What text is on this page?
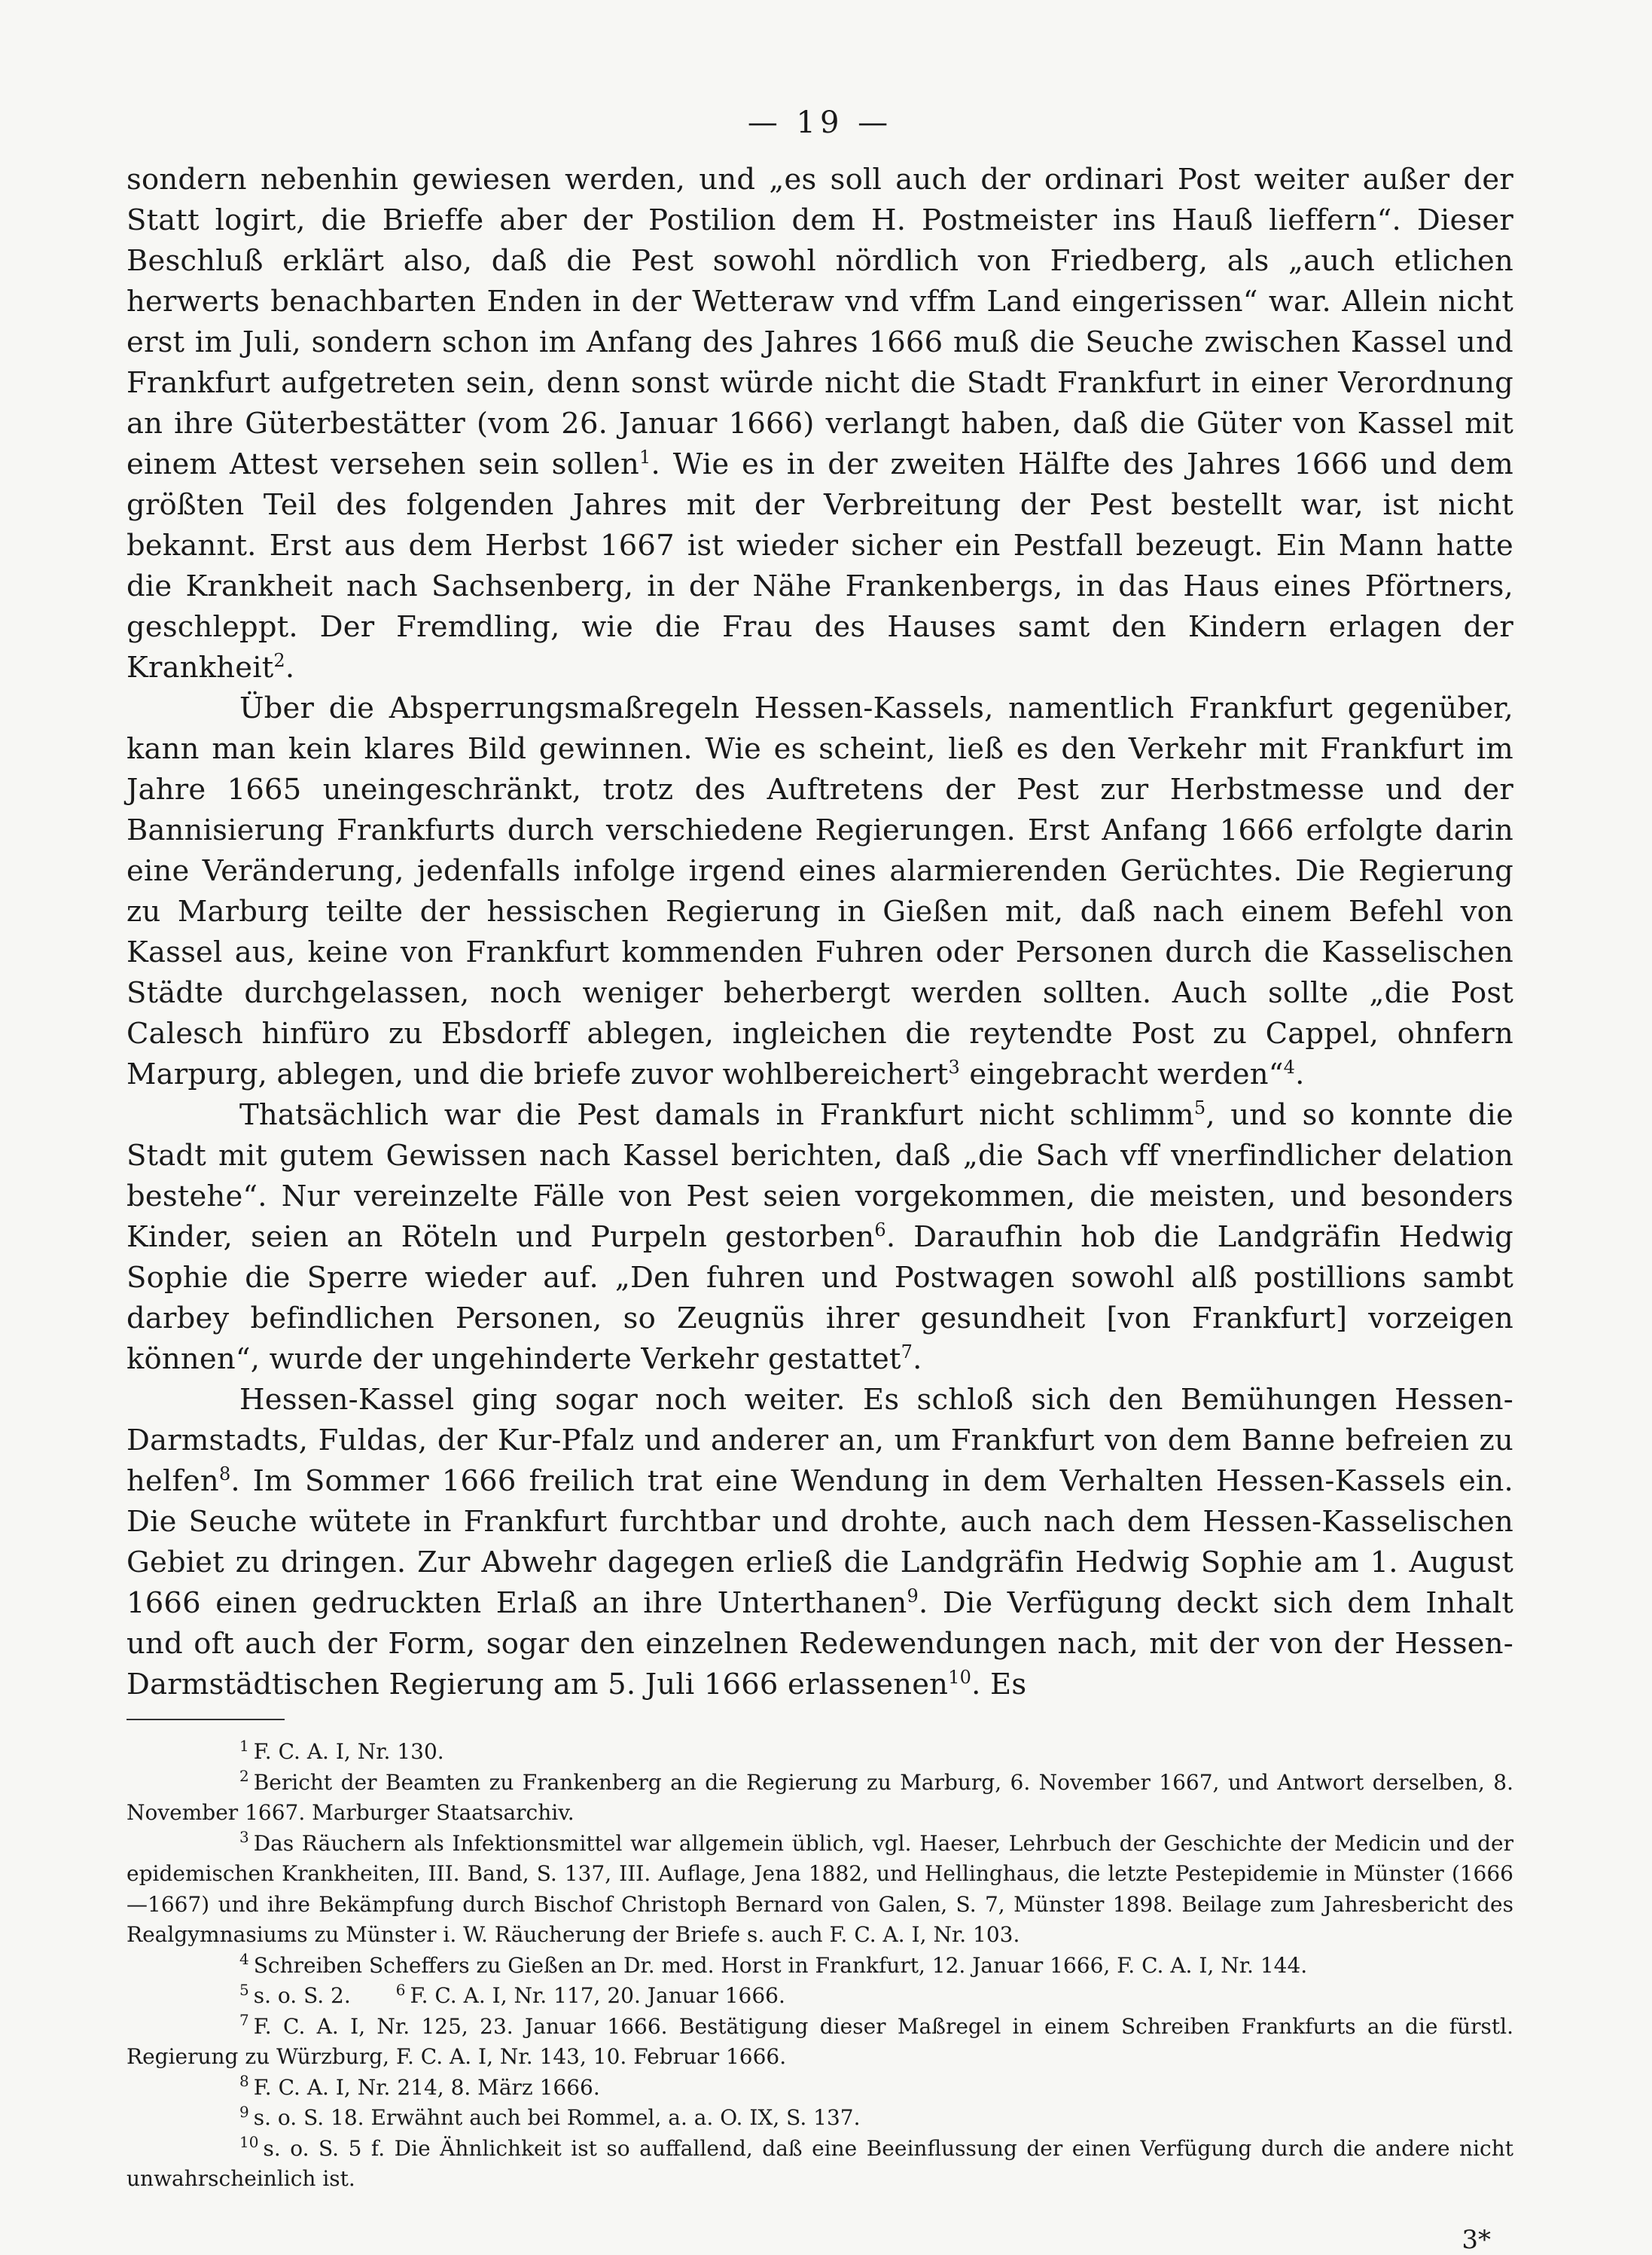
— 19 —

sondern nebenhin gewiesen werden, und „es soll auch der ordinari Post weiter außer der Statt logirt, die Brieffe aber der Postilion dem H. Postmeister ins Hauß lieffern“. Dieser Beschluß erklärt also, daß die Pest sowohl nördlich von Friedberg, als „auch etlichen herwerts benachbarten Enden in der Wetteraw vnd vffm Land eingerissen“ war. Allein nicht erst im Juli, sondern schon im Anfang des Jahres 1666 muß die Seuche zwischen Kassel und Frankfurt aufgetreten sein, denn sonst würde nicht die Stadt Frankfurt in einer Verordnung an ihre Güterbestätter (vom 26. Januar 1666) verlangt haben, daß die Güter von Kassel mit einem Attest versehen sein sollen$^1$. Wie es in der zweiten Hälfte des Jahres 1666 und dem größten Teil des folgenden Jahres mit der Verbreitung der Pest bestellt war, ist nicht bekannt. Erst aus dem Herbst 1667 ist wieder sicher ein Pestfall bezeugt. Ein Mann hatte die Krankheit nach Sachsenberg, in der Nähe Frankenbergs, in das Haus eines Pförtners, geschleppt. Der Fremdling, wie die Frau des Hauses samt den Kindern erlagen der Krankheit$^2$.

Über die Absperrungsmaßregeln Hessen-Kassels, namentlich Frankfurt gegenüber, kann man kein klares Bild gewinnen. Wie es scheint, ließ es den Verkehr mit Frankfurt im Jahre 1665 uneingeschränkt, trotz des Auftretens der Pest zur Herbstmesse und der Bannisierung Frankfurts durch verschiedene Regierungen. Erst Anfang 1666 erfolgte darin eine Veränderung, jedenfalls infolge irgend eines alarmierenden Gerüchtes. Die Regierung zu Marburg teilte der hessischen Regierung in Gießen mit, daß nach einem Befehl von Kassel aus, keine von Frankfurt kommenden Fuhren oder Personen durch die Kasselischen Städte durchgelassen, noch weniger beherbergt werden sollten. Auch sollte „die Post Calesch hinfüro zu Ebsdorff ablegen, ingleichen die reytendte Post zu Cappel, ohnfern Marpurg, ablegen, und die briefe zuvor wohlbereichert$^3$ eingebracht werden“$^4$.

Thatsächlich war die Pest damals in Frankfurt nicht schlimm$^5$, und so konnte die Stadt mit gutem Gewissen nach Kassel berichten, daß „die Sach vff vnerfindlicher delation bestehe“. Nur vereinzelte Fälle von Pest seien vorgekommen, die meisten, und besonders Kinder, seien an Röteln und Purpeln gestorben$^6$. Daraufhin hob die Landgräfin Hedwig Sophie die Sperre wieder auf. „Den fuhren und Postwagen sowohl alß postillions sambt darbey befindlichen Personen, so Zeugnüs ihrer gesundheit [von Frankfurt] vorzeigen können“, wurde der ungehinderte Verkehr gestattet$^7$.

Hessen-Kassel ging sogar noch weiter. Es schloß sich den Bemühungen Hessen-Darmstadts, Fuldas, der Kur-Pfalz und anderer an, um Frankfurt von dem Banne befreien zu helfen$^8$. Im Sommer 1666 freilich trat eine Wendung in dem Verhalten Hessen-Kassels ein. Die Seuche wütete in Frankfurt furchtbar und drohte, auch nach dem Hessen-Kasselischen Gebiet zu dringen. Zur Abwehr dagegen erließ die Landgräfin Hedwig Sophie am 1. August 1666 einen gedruckten Erlaß an ihre Unterthanen$^9$. Die Verfügung deckt sich dem Inhalt und oft auch der Form, sogar den einzelnen Redewendungen nach, mit der von der Hessen-Darmstädtischen Regierung am 5. Juli 1666 erlassenen$^{10}$. Es

$^1$ F. C. A. I, Nr. 130.

$^2$ Bericht der Beamten zu Frankenberg an die Regierung zu Marburg, 6. November 1667, und Antwort derselben, 8. November 1667. Marburger Staatsarchiv.

$^3$ Das Räuchern als Infektionsmittel war allgemein üblich, vgl. Haeser, Lehrbuch der Geschichte der Medicin und der epidemischen Krankheiten, III. Band, S. 137, III. Auflage, Jena 1882, und Hellinghaus, die letzte Pestepidemie in Münster (1666—1667) und ihre Bekämpfung durch Bischof Christoph Bernard von Galen, S. 7, Münster 1898. Beilage zum Jahresbericht des Realgymnasiums zu Münster i. W. Räucherung der Briefe s. auch F. C. A. I, Nr. 103.

$^4$ Schreiben Scheffers zu Gießen an Dr. med. Horst in Frankfurt, 12. Januar 1666, F. C. A. I, Nr. 144.

$^5$ s. o. S. 2.	$^6$ F. C. A. I, Nr. 117, 20. Januar 1666.

$^7$ F. C. A. I, Nr. 125, 23. Januar 1666. Bestätigung dieser Maßregel in einem Schreiben Frankfurts an die fürstl. Regierung zu Würzburg, F. C. A. I, Nr. 143, 10. Februar 1666.

$^8$ F. C. A. I, Nr. 214, 8. März 1666.

$^9$ s. o. S. 18. Erwähnt auch bei Rommel, a. a. O. IX, S. 137.

$^{10}$ s. o. S. 5 f. Die Ähnlichkeit ist so auffallend, daß eine Beeinflussung der einen Verfügung durch die andere nicht unwahrscheinlich ist.

3*
